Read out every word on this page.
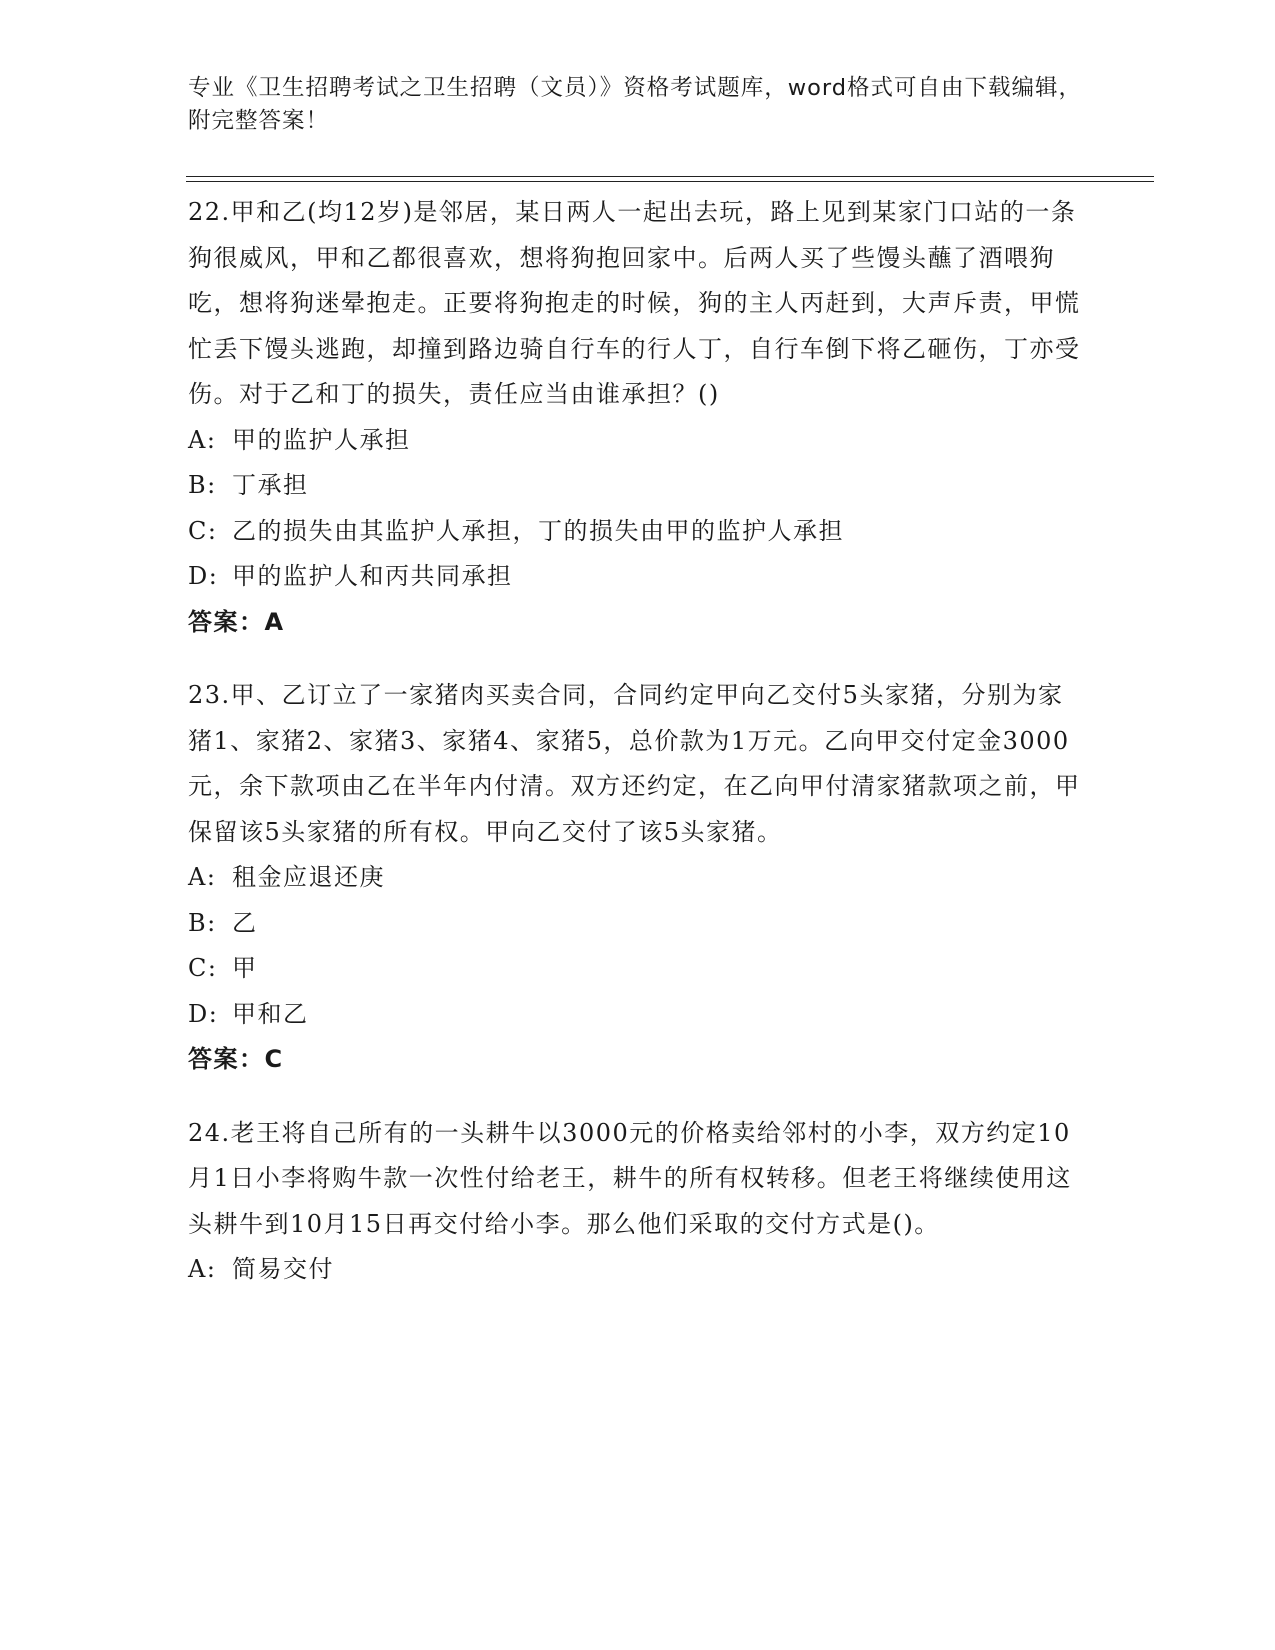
专业《卫生招聘考试之卫生招聘（文员）》资格考试题库，word格式可自由下载编辑，附完整答案！

22.甲和乙(均12岁)是邻居，某日两人一起出去玩，路上见到某家门口站的一条狗很威风，甲和乙都很喜欢，想将狗抱回家中。后两人买了些馒头蘸了酒喂狗吃，想将狗迷晕抱走。正要将狗抱走的时候，狗的主人丙赶到，大声斥责，甲慌忙丢下馒头逃跑，却撞到路边骑自行车的行人丁，自行车倒下将乙砸伤，丁亦受伤。对于乙和丁的损失，责任应当由谁承担？()

A: 甲的监护人承担

B: 丁承担

C: 乙的损失由其监护人承担，丁的损失由甲的监护人承担

D: 甲的监护人和丙共同承担

答案：A

23.甲、乙订立了一家猪肉买卖合同，合同约定甲向乙交付5头家猪，分别为家猪1、家猪2、家猪3、家猪4、家猪5，总价款为1万元。乙向甲交付定金3000元，余下款项由乙在半年内付清。双方还约定，在乙向甲付清家猪款项之前，甲保留该5头家猪的所有权。甲向乙交付了该5头家猪。

A: 租金应退还庚

B: 乙

C: 甲

D: 甲和乙

答案：C

24.老王将自己所有的一头耕牛以3000元的价格卖给邻村的小李，双方约定10月1日小李将购牛款一次性付给老王，耕牛的所有权转移。但老王将继续使用这头耕牛到10月15日再交付给小李。那么他们采取的交付方式是()。

A: 简易交付
